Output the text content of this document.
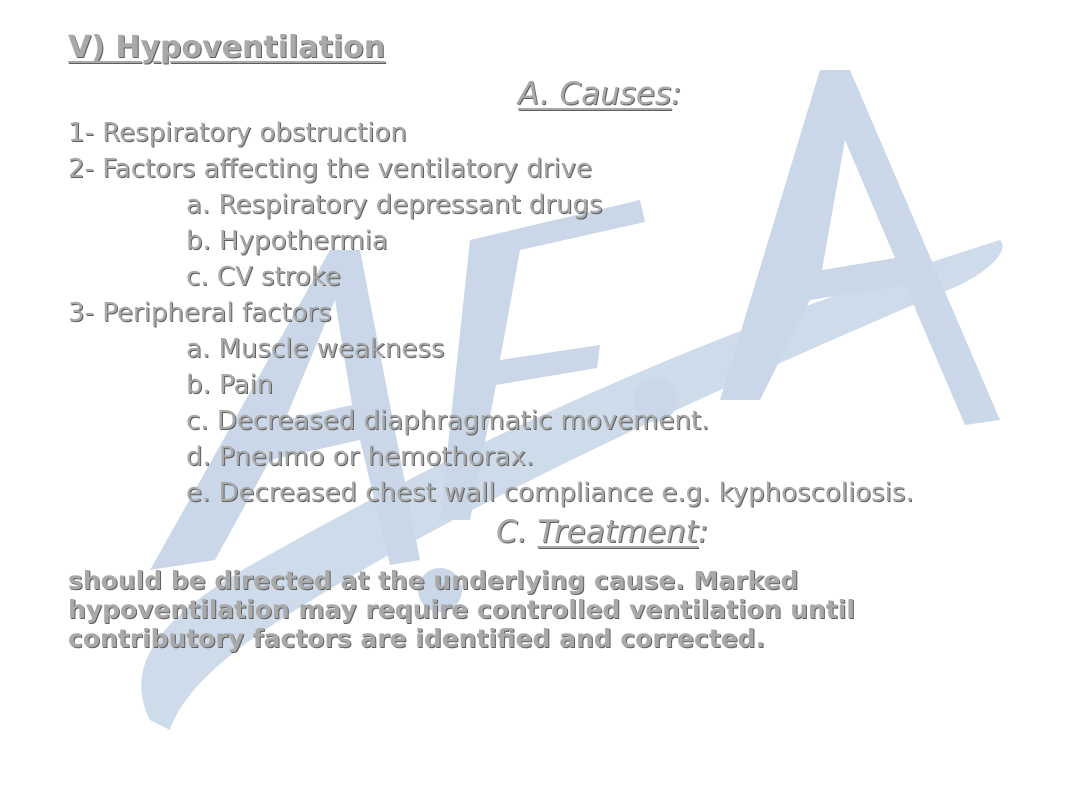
V) Hypoventilation
A. Causes:
1- Respiratory obstruction
2- Factors affecting the ventilatory drive
a. Respiratory depressant drugs
b. Hypothermia
c. CV stroke
3- Peripheral factors
a. Muscle weakness
b. Pain
c. Decreased diaphragmatic movement.
d. Pneumo or hemothorax.
e. Decreased chest wall compliance e.g. kyphoscoliosis.
C. Treatment:
should be directed at the underlying cause. Marked hypoventilation may require controlled ventilation until contributory factors are identified and corrected.
